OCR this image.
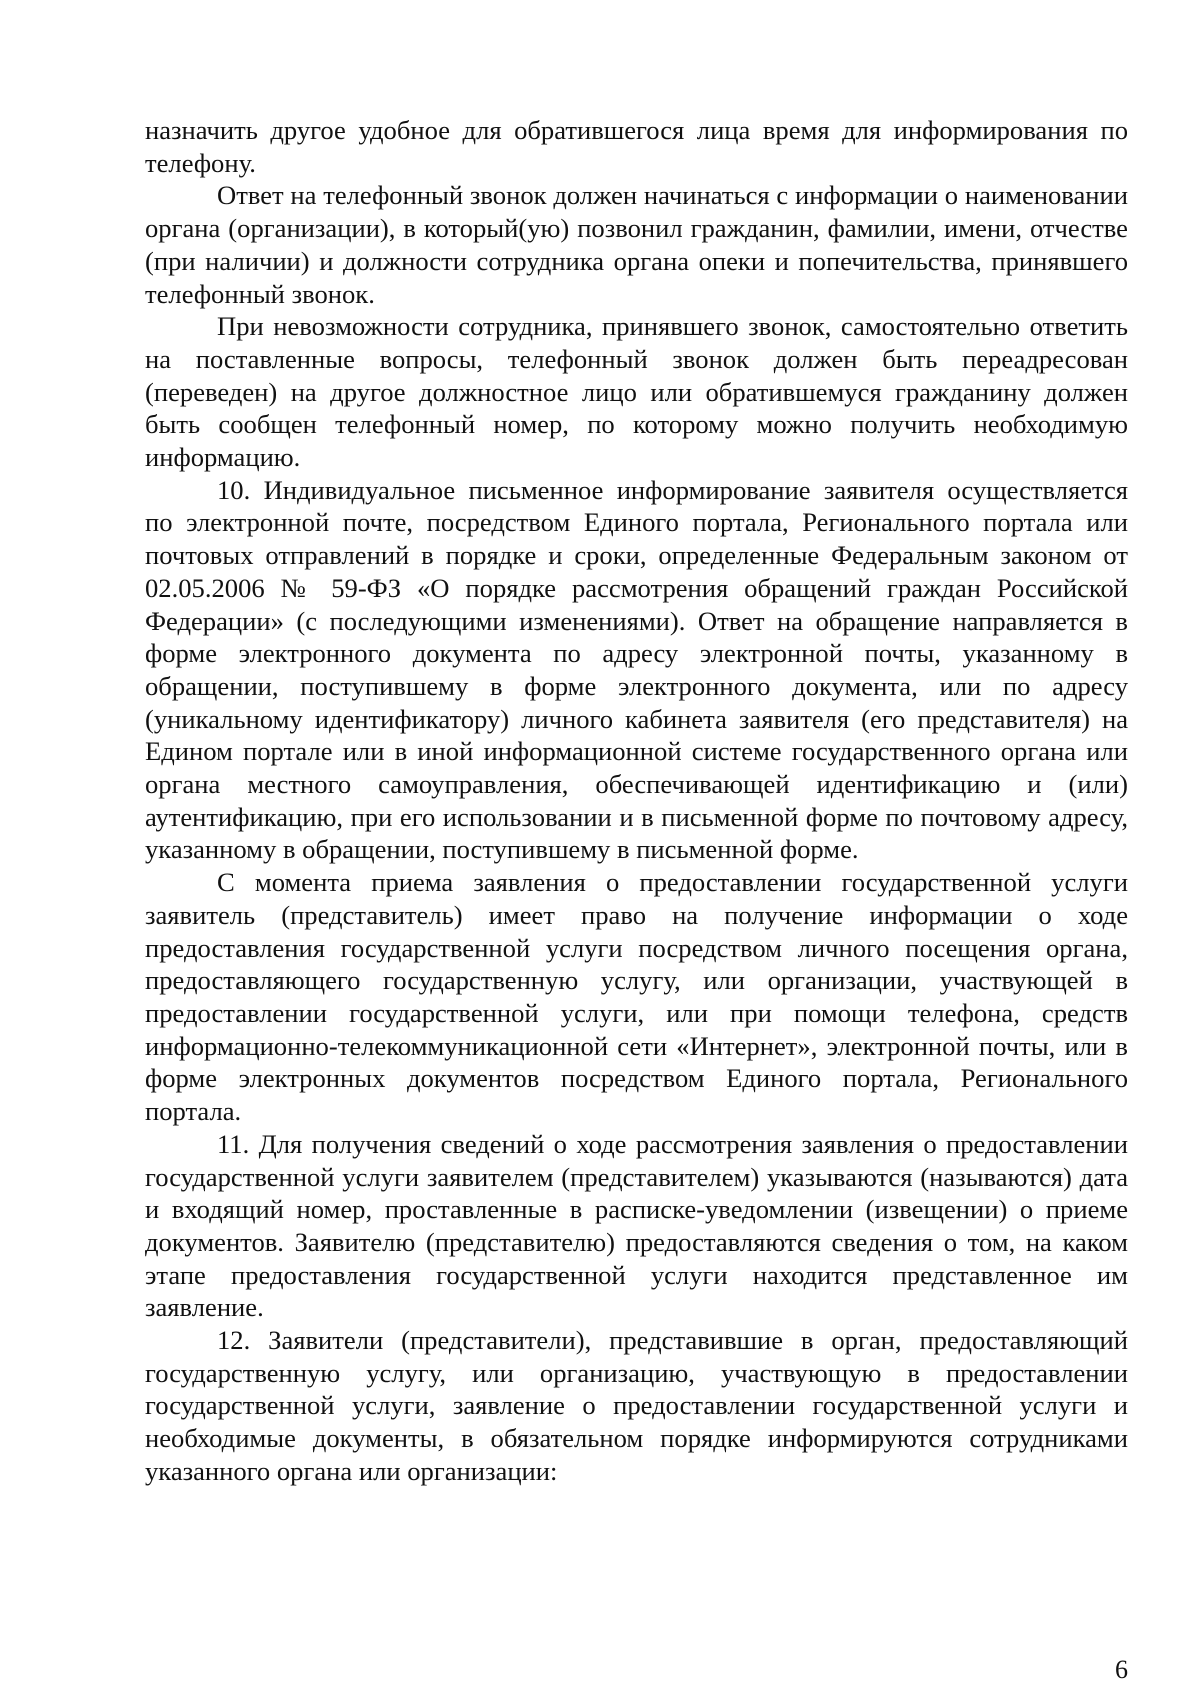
назначить другое удобное для обратившегося лица время для информирования по телефону.

Ответ на телефонный звонок должен начинаться с информации о наименовании органа (организации), в который(ую) позвонил гражданин, фамилии, имени, отчестве (при наличии) и должности сотрудника органа опеки и попечительства, принявшего телефонный звонок.

При невозможности сотрудника, принявшего звонок, самостоятельно ответить на поставленные вопросы, телефонный звонок должен быть переадресован (переведен) на другое должностное лицо или обратившемуся гражданину должен быть сообщен телефонный номер, по которому можно получить необходимую информацию.

10. Индивидуальное письменное информирование заявителя осуществляется по электронной почте, посредством Единого портала, Регионального портала или почтовых отправлений в порядке и сроки, определенные Федеральным законом от 02.05.2006 № 59-ФЗ «О порядке рассмотрения обращений граждан Российской Федерации» (с последующими изменениями). Ответ на обращение направляется в форме электронного документа по адресу электронной почты, указанному в обращении, поступившему в форме электронного документа, или по адресу (уникальному идентификатору) личного кабинета заявителя (его представителя) на Едином портале или в иной информационной системе государственного органа или органа местного самоуправления, обеспечивающей идентификацию и (или) аутентификацию, при его использовании и в письменной форме по почтовому адресу, указанному в обращении, поступившему в письменной форме.

С момента приема заявления о предоставлении государственной услуги заявитель (представитель) имеет право на получение информации о ходе предоставления государственной услуги посредством личного посещения органа, предоставляющего государственную услугу, или организации, участвующей в предоставлении государственной услуги, или при помощи телефона, средств информационно-телекоммуникационной сети «Интернет», электронной почты, или в форме электронных документов посредством Единого портала, Регионального портала.

11. Для получения сведений о ходе рассмотрения заявления о предоставлении государственной услуги заявителем (представителем) указываются (называются) дата и входящий номер, проставленные в расписке-уведомлении (извещении) о приеме документов. Заявителю (представителю) предоставляются сведения о том, на каком этапе предоставления государственной услуги находится представленное им заявление.

12. Заявители (представители), представившие в орган, предоставляющий государственную услугу, или организацию, участвующую в предоставлении государственной услуги, заявление о предоставлении государственной услуги и необходимые документы, в обязательном порядке информируются сотрудниками указанного органа или организации:

6
